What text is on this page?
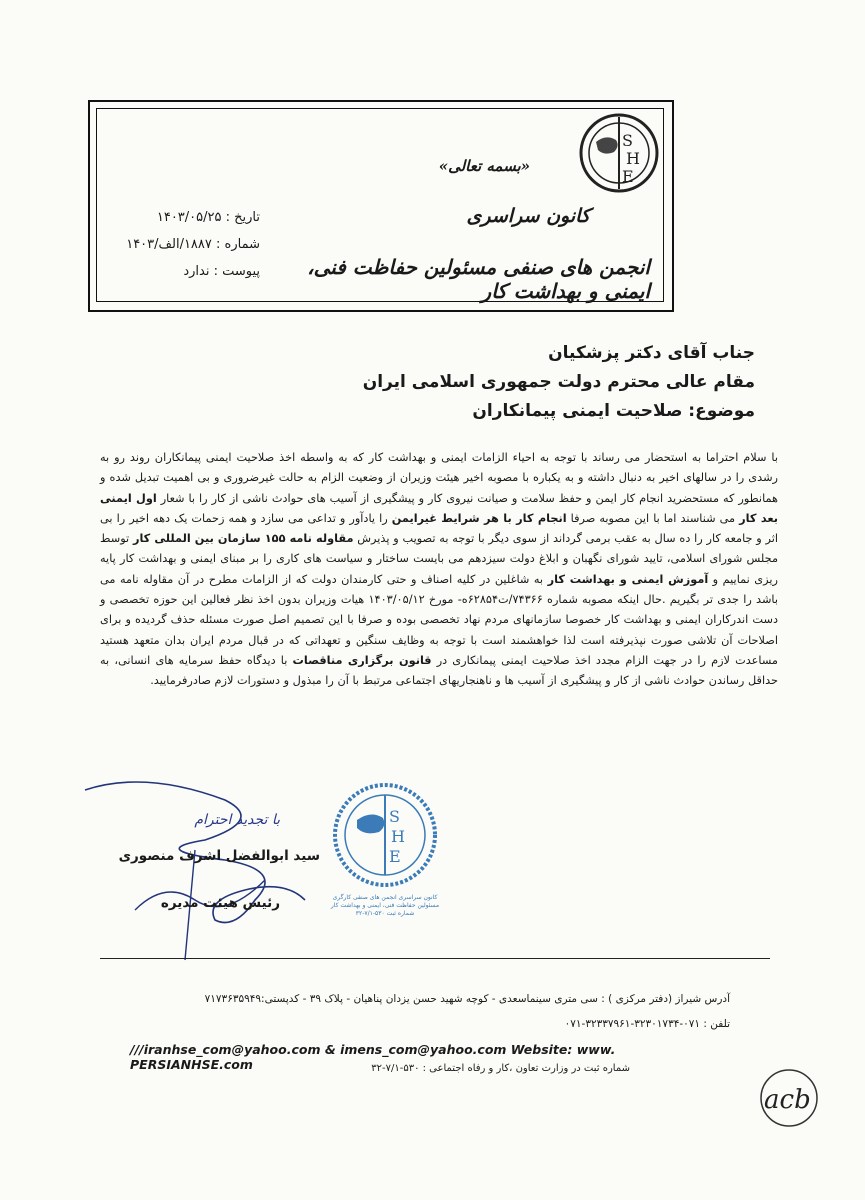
S
H
E
«بسمه تعالی»
کانون سراسری
انجمن های صنفی مسئولین حفاظت فنی، ایمنی و بهداشت کار
تاریخ : ۱۴۰۳/۰۵/۲۵
شماره : ۱۸۸۷/الف/۱۴۰۳
پیوست : ندارد
جناب آقای دکتر پزشکیان
مقام عالی محترم دولت جمهوری اسلامی ایران
موضوع: صلاحیت ایمنی پیمانکاران
با سلام احتراما به استحضار می رساند با توجه به احیاء الزامات ایمنی و بهداشت کار که به واسطه اخذ صلاحیت ایمنی پیمانکاران روند رو به رشدی را در سالهای اخیر به دنبال داشته و به یکباره با مصوبه اخیر هیئت وزیران از وضعیت الزام به حالت غیرضروری و بی اهمیت تبدیل شده و همانطور که مستحضرید انجام کار ایمن و حفظ سلامت و صیانت نیروی کار و پیشگیری از آسیب های حوادث ناشی از کار را با شعار اول ایمنی بعد کار می شناسند اما با این مصوبه صرفا انجام کار با هر شرایط غیرایمن را یادآور و تداعی می سازد و همه زحمات یک دهه اخیر را بی اثر و جامعه کار را ده سال به عقب برمی گرداند از سوی دیگر با توجه به تصویب و پذیرش مقاوله نامه ۱۵۵ سازمان بین المللی کار توسط مجلس شورای اسلامی، تایید شورای نگهبان و ابلاغ دولت سیزدهم می بایست ساختار و سیاست های کاری را بر مبنای ایمنی و بهداشت کار پایه ریزی نماییم و آموزش ایمنی و بهداشت کار به شاغلین در کلیه اصناف و حتی کارمندان دولت که از الزامات مطرح در آن مقاوله نامه می باشد را جدی تر بگیریم .حال اینکه مصوبه شماره ۷۴۳۶۶/ت۶۲۸۵۴ه- مورخ ۱۴۰۳/۰۵/۱۲ هیات وزیران بدون اخذ نظر فعالین این حوزه تخصصی و دست اندرکاران ایمنی و بهداشت کار خصوصا سازمانهای مردم نهاد تخصصی بوده و صرفا با این تصمیم اصل صورت مسئله حذف گردیده و برای اصلاحات آن تلاشی صورت نپذیرفته است لذا خواهشمند است با توجه به وظایف سنگین و تعهداتی که در قبال مردم ایران بدان متعهد هستید مساعدت لازم را در جهت الزام مجدد اخذ صلاحیت ایمنی پیمانکاری در قانون برگزاری مناقصات با دیدگاه حفظ سرمایه های انسانی، به حداقل رساندن حوادث ناشی از کار و پیشگیری از آسیب ها و ناهنجاریهای اجتماعی مرتبط با آن را مبذول و دستورات لازم صادرفرمایید.
با تجدید احترام
سید ابوالفضل اشرف منصوری
رئیس هیئت مدیره
S
H
E
کانون سراسری انجمن های صنفی کارگری
مسئولین حفاظت فنی، ایمنی و بهداشت کار
شماره ثبت ۵۳۰-۷/۱-۳۲
آدرس شیراز (دفتر مرکزی ) : سی متری سینماسعدی - کوچه شهید حسن یزدان پناهیان - پلاک ۳۹ - کدپستی:۷۱۷۳۶۳۵۹۴۹
تلفن : ۰۷۱-۳۲۳۰۱۷۳۴-۳۲۳۳۷۹۶۱-۰۷۱
///iranhse_com@yahoo.com & imens_com@yahoo.com Website: www. PERSIANHSE.com	شماره ثبت در وزارت تعاون ،کار و رفاه اجتماعی : ۵۳۰-۷/۱-۳۲
acb
